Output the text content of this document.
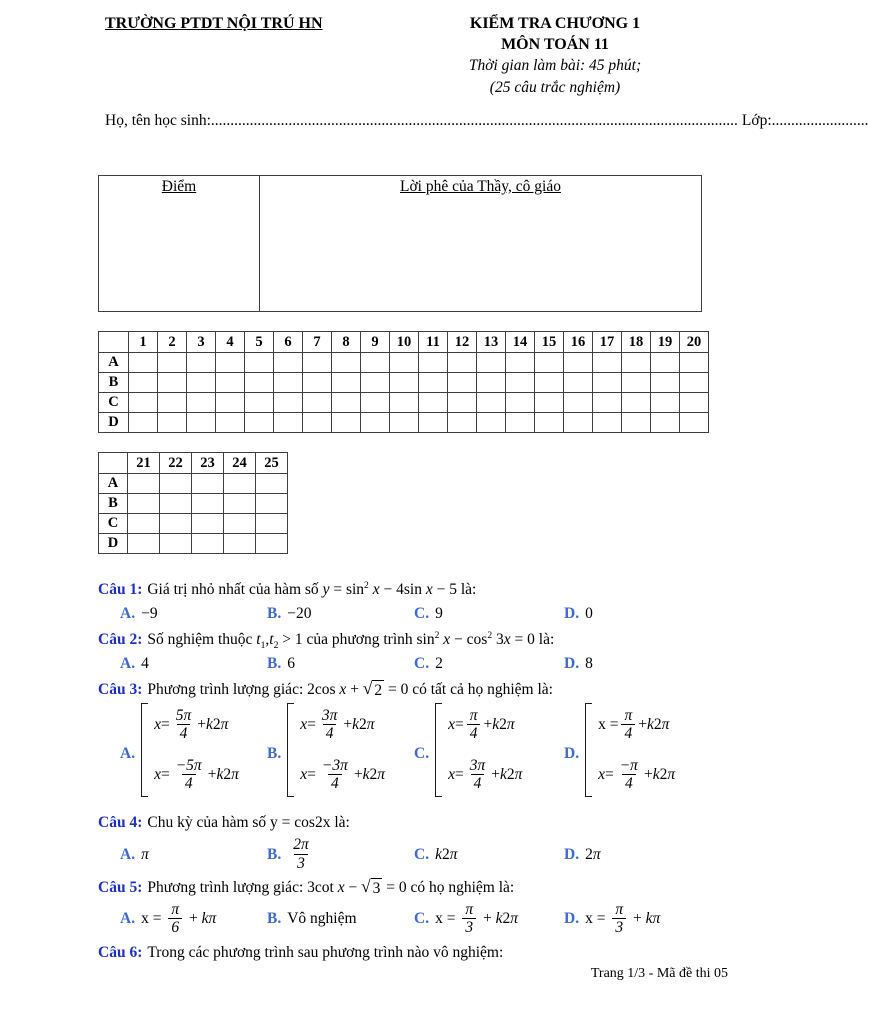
TRƯỜNG PTDT NỘI TRÚ HN	KIỂM TRA CHƯƠNG 1
MÔN TOÁN 11
Thời gian làm bài: 45 phút;
(25 câu trắc nghiệm)
Họ, tên học sinh: ........................................................................................................................................ Lớp: .........................
Điểm	Lời phê của Thầy, cô giáo
	1	2	3	4	5	6	7	8	9	10	11	12	13	14	15	16	17	18	19	20
A																				
B																				
C																				
D																				
	21	22	23	24	25
A					
B					
C					
D					
Câu 1: Giá trị nhỏ nhất của hàm số $y = \sin^2 x - 4\sin$ x − 5 là:
A. −9	B. −20	C. 9	D. 0
Câu 2: Số nghiệm thuộc $t_1,t_2 > 1$ của phương trình $\sin^2 x - \cos^2 3x = 0$ là:
A. 4	B. 6	C. 2	D. 8
Câu 3: Phương trình lượng giác: 2cos x + √ 2 = 0 có tất cả họ nghiệm là:
A.
$x = \frac{5\pi}{4} + k$ 2 π
$x = \frac{-5\pi}{4} + k$ 2 π
B.
$x = \frac{3\pi}{4} + k$ 2 π
$x = \frac{-3\pi}{4} + k$ 2 π
C.
$x = \frac{\pi}{4} + k$ 2 π
$x = \frac{3\pi}{4} + k$ 2 π
D.
$x = \frac{\pi}{4} + k$ 2 π
$x = \frac{-\pi}{4} + k$ 2 π
Câu 4: Chu kỳ của hàm số y = cos2x là:
A. π	B. $\frac{2\pi}{3}$	C. k2π	D. 2π
Câu 5: Phương trình lượng giác: 3cot x − √ 3 = 0 có họ nghiệm là:
A. $x = \frac{\pi}{6} + k\pi$	B. Vô nghiệm	C. $x = \frac{\pi}{3} + k2\pi$	D. $x = \frac{\pi}{3} + k\pi$
Câu 6: Trong các phương trình sau phương trình nào vô nghiệm:
Trang 1/3 - Mã đề thi 05
